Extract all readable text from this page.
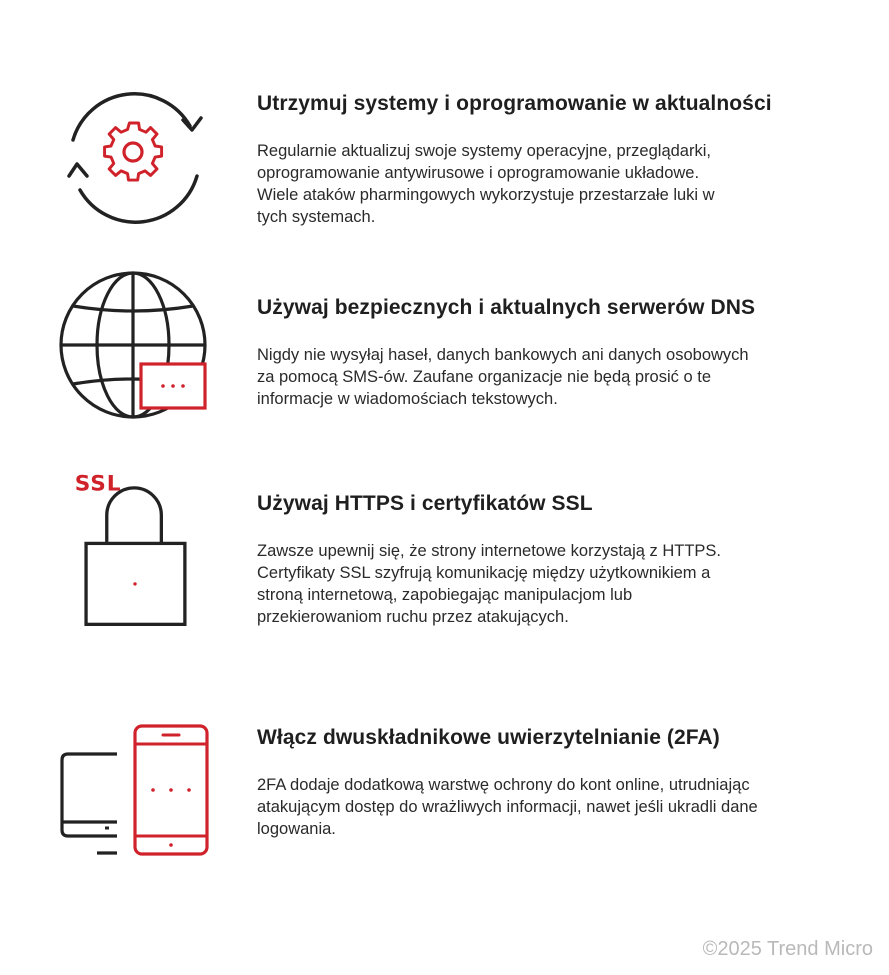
Utrzymuj systemy i oprogramowanie w aktualności

Regularnie aktualizuj swoje systemy operacyjne, przeglądarki,
oprogramowanie antywirusowe i oprogramowanie układowe.
Wiele ataków pharmingowych wykorzystuje przestarzałe luki w
tych systemach.

Używaj bezpiecznych i aktualnych serwerów DNS

Nigdy nie wysyłaj haseł, danych bankowych ani danych osobowych
za pomocą SMS-ów. Zaufane organizacje nie będą prosić o te
informacje w wiadomościach tekstowych.

SSL
Używaj HTTPS i certyfikatów SSL

Zawsze upewnij się, że strony internetowe korzystają z HTTPS.
Certyfikaty SSL szyfrują komunikację między użytkownikiem a
stroną internetową, zapobiegając manipulacjom lub
przekierowaniom ruchu przez atakujących.

Włącz dwuskładnikowe uwierzytelnianie (2FA)

2FA dodaje dodatkową warstwę ochrony do kont online, utrudniając
atakującym dostęp do wrażliwych informacji, nawet jeśli ukradli dane
logowania.

©2025 Trend Micro
